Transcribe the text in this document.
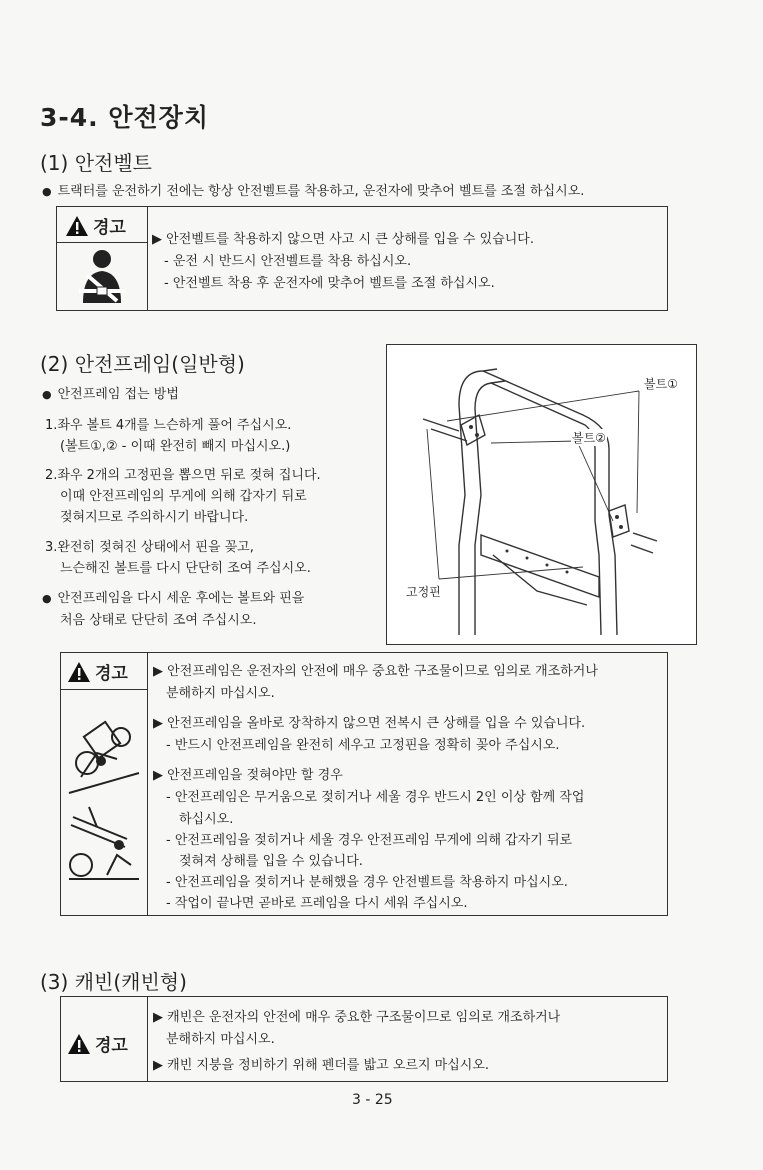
3-4. 안전장치
(1) 안전벨트
● 트랙터를 운전하기 전에는 항상 안전벨트를 착용하고, 운전자에 맞추어 벨트를 조절 하십시오.
경고
▶ 안전벨트를 착용하지 않으면 사고 시 큰 상해를 입을 수 있습니다.
- 운전 시 반드시 안전벨트를 착용 하십시오.
- 안전벨트 착용 후 운전자에 맞추어 벨트를 조절 하십시오.
(2) 안전프레임(일반형)
● 안전프레임 접는 방법
1.좌우 볼트 4개를 느슨하게 풀어 주십시오.
(볼트①,② - 이때 완전히 빼지 마십시오.)
2.좌우 2개의 고정핀을 뽑으면 뒤로 젖혀 집니다.
이때 안전프레임의 무게에 의해 갑자기 뒤로
젖혀지므로 주의하시기 바랍니다.
3.완전히 젖혀진 상태에서 핀을 꽂고,
느슨해진 볼트를 다시 단단히 조여 주십시오.
● 안전프레임을 다시 세운 후에는 볼트와 핀을
처음 상태로 단단히 조여 주십시오.
볼트①
볼트②
고정핀
경고 ▶ 안전프레임은 운전자의 안전에 매우 중요한 구조물이므로 임의로 개조하거나
분해하지 마십시오.
▶ 안전프레임을 올바로 장착하지 않으면 전복시 큰 상해를 입을 수 있습니다.
- 반드시 안전프레임을 완전히 세우고 고정핀을 정확히 꽂아 주십시오.
▶ 안전프레임을 젖혀야만 할 경우
- 안전프레임은 무거움으로 젖히거나 세울 경우 반드시 2인 이상 함께 작업
하십시오.
- 안전프레임을 젖히거나 세울 경우 안전프레임 무게에 의해 갑자기 뒤로
젖혀져 상해를 입을 수 있습니다.
- 안전프레임을 젖히거나 분해했을 경우 안전벨트를 착용하지 마십시오.
- 작업이 끝나면 곧바로 프레임을 다시 세워 주십시오.
(3) 캐빈(캐빈형)
경고
▶ 캐빈은 운전자의 안전에 매우 중요한 구조물이므로 임의로 개조하거나
분해하지 마십시오.
▶ 캐빈 지붕을 정비하기 위해 펜더를 밟고 오르지 마십시오.
3 - 25
